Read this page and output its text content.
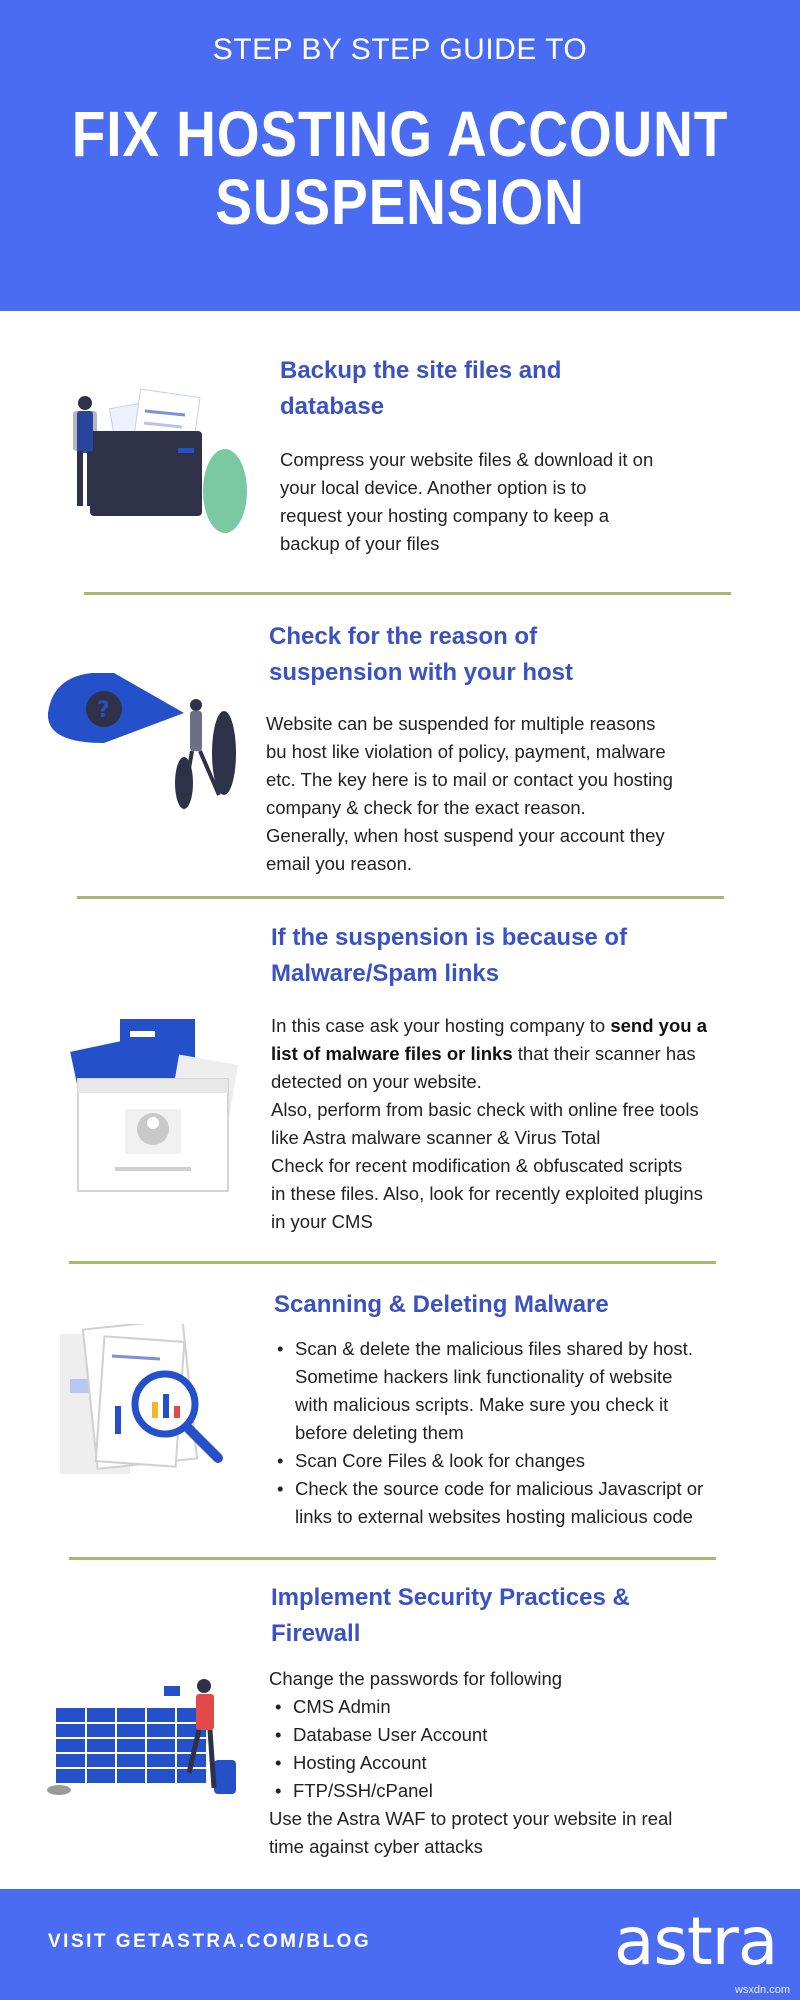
STEP BY STEP GUIDE TO
FIX HOSTING ACCOUNT
SUSPENSION
Backup the site files and
database
Compress your website files & download it on
your local device. Another option is to
request your hosting company to keep a
backup of your files
?
Check for the reason of
suspension with your host
Website can be suspended for multiple reasons
bu host like violation of policy, payment, malware
etc. The key here is to mail or contact you hosting
company & check for the exact reason.
Generally, when host suspend your account they
email you reason.
If the suspension is because of
Malware/Spam links
In this case ask your hosting company to send you a
list of malware files or links that their scanner has
detected on your website.
Also, perform from basic check with online free tools
like Astra malware scanner & Virus Total
Check for recent modification & obfuscated scripts
in these files. Also, look for recently exploited plugins
in your CMS
Scanning & Deleting Malware
• Scan & delete the malicious files shared by host.
Sometime hackers link functionality of website
with malicious scripts. Make sure you check it
before deleting them
• Scan Core Files & look for changes
• Check the source code for malicious Javascript or
links to external websites hosting malicious code
Implement Security Practices &
Firewall
Change the passwords for following
• CMS Admin
• Database User Account
• Hosting Account
• FTP/SSH/cPanel
Use the Astra WAF to protect your website in real
time against cyber attacks
VISIT GETASTRA.COM/BLOG	astra
wsxdn.com
